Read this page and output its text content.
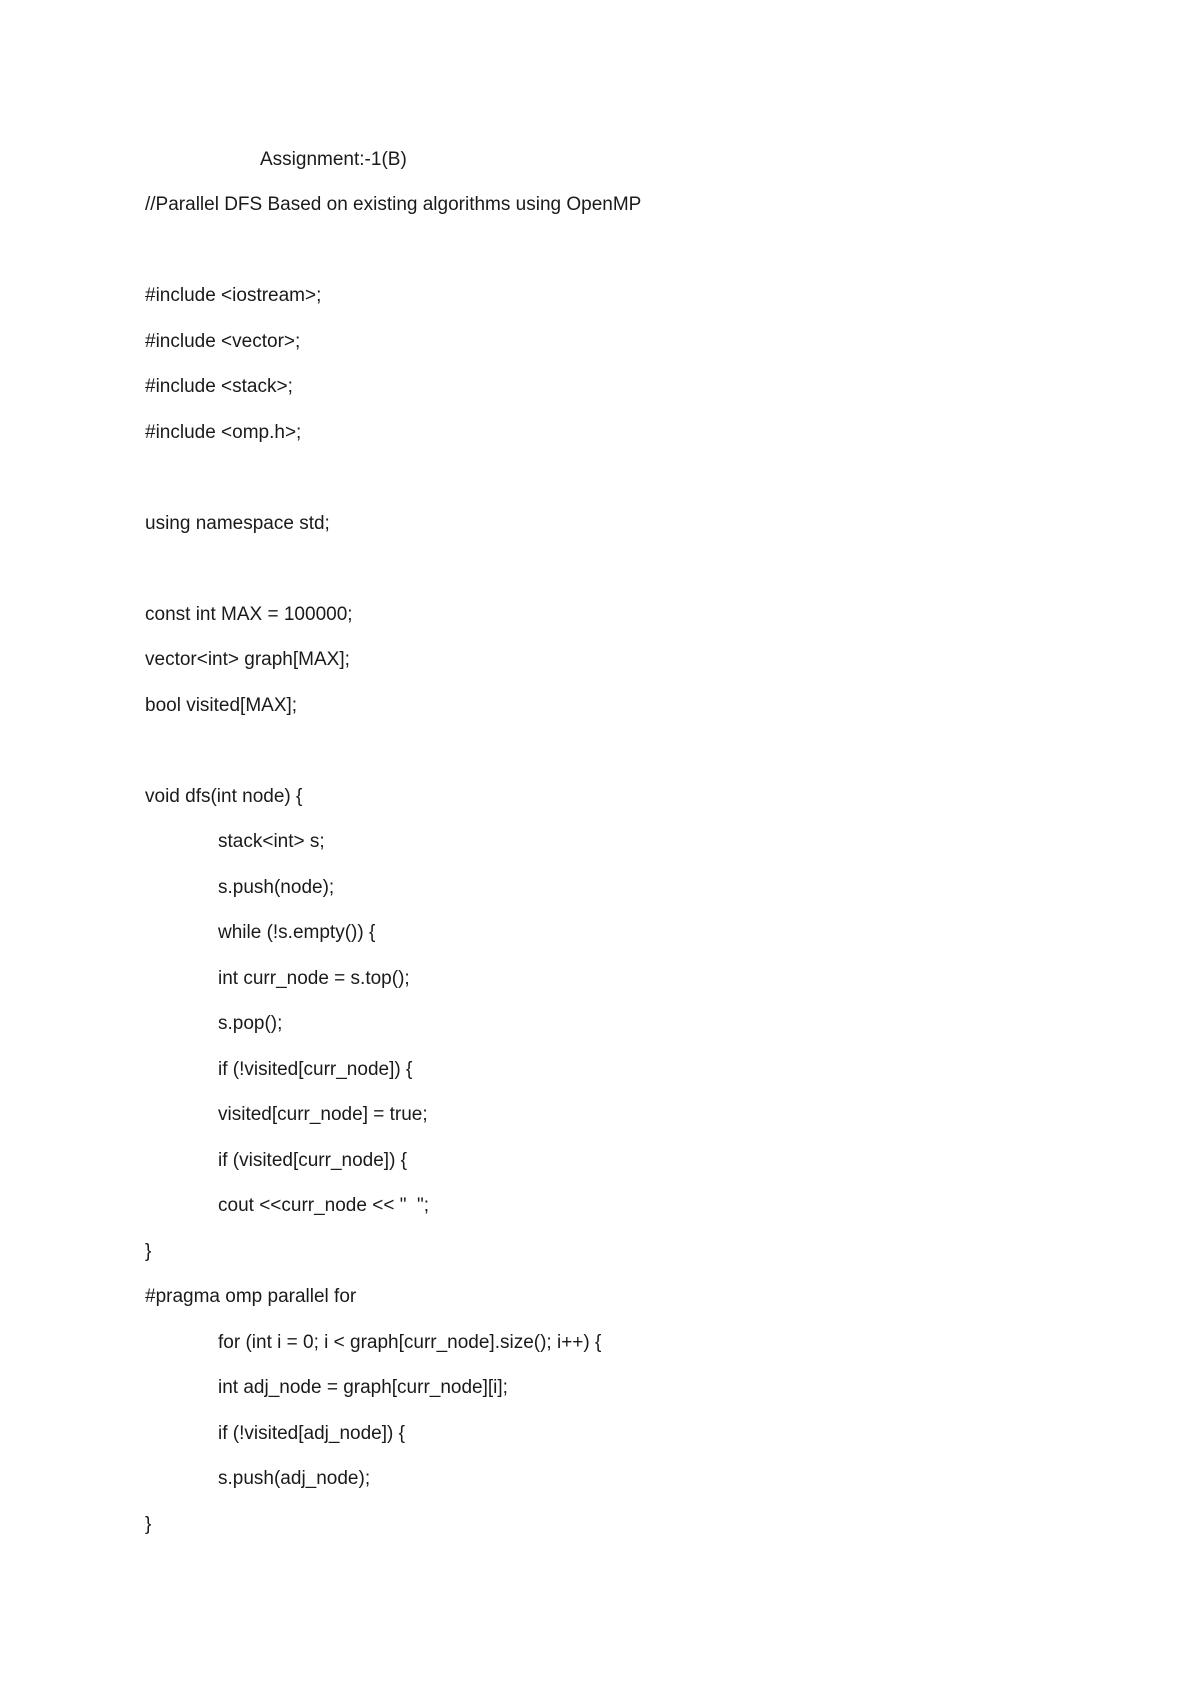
Assignment:-1(B)
//Parallel DFS Based on existing algorithms using OpenMP
#include <iostream>;
#include <vector>;
#include <stack>;
#include <omp.h>;
using namespace std;
const int MAX = 100000;
vector<int> graph[MAX];
bool visited[MAX];
void dfs(int node) {
stack<int> s;
s.push(node);
while (!s.empty()) {
int curr_node = s.top();
s.pop();
if (!visited[curr_node]) {
visited[curr_node] = true;
if (visited[curr_node]) {
cout <<curr_node << "  ";
}
#pragma omp parallel for
for (int i = 0; i < graph[curr_node].size(); i++) {
int adj_node = graph[curr_node][i];
if (!visited[adj_node]) {
s.push(adj_node);
}
